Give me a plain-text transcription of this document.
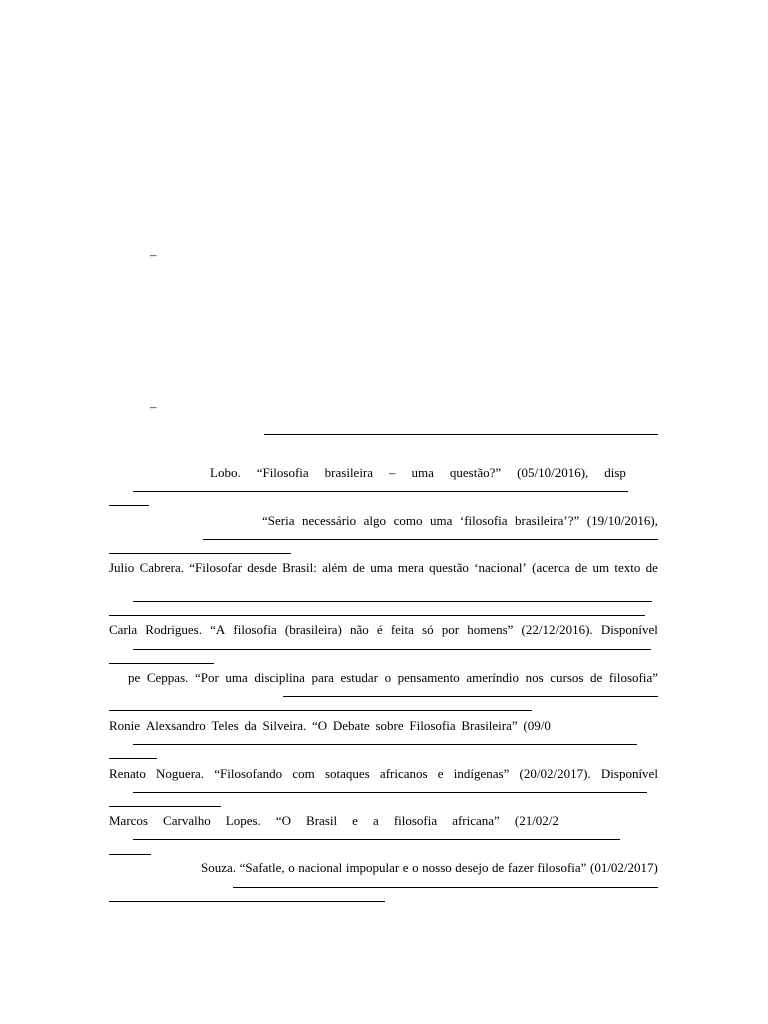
–
–
Lobo. “Filosofia brasileira – uma questão?” (05/10/2016), disp
“Seria necessário algo como uma ‘filosofia brasileira’?” (19/10/2016),
Julio Cabrera. “Filosofar desde Brasil: além de uma mera questão ‘nacional’ (acerca de um texto de
Carla Rodrigues. “A filosofia (brasileira) não é feita só por homens” (22/12/2016). Disponível
pe Ceppas. “Por uma disciplina para estudar o pensamento ameríndio nos cursos de filosofia”
Ronie Alexsandro Teles da Silveira. “O Debate sobre Filosofia Brasileira” (09/0
Renato Noguera. “Filosofando com sotaques africanos e indígenas” (20/02/2017). Disponível
Marcos Carvalho Lopes. “O Brasil e a filosofia africana” (21/02/2
Souza. “Safatle, o nacional impopular e o nosso desejo de fazer filosofia” (01/02/2017)
